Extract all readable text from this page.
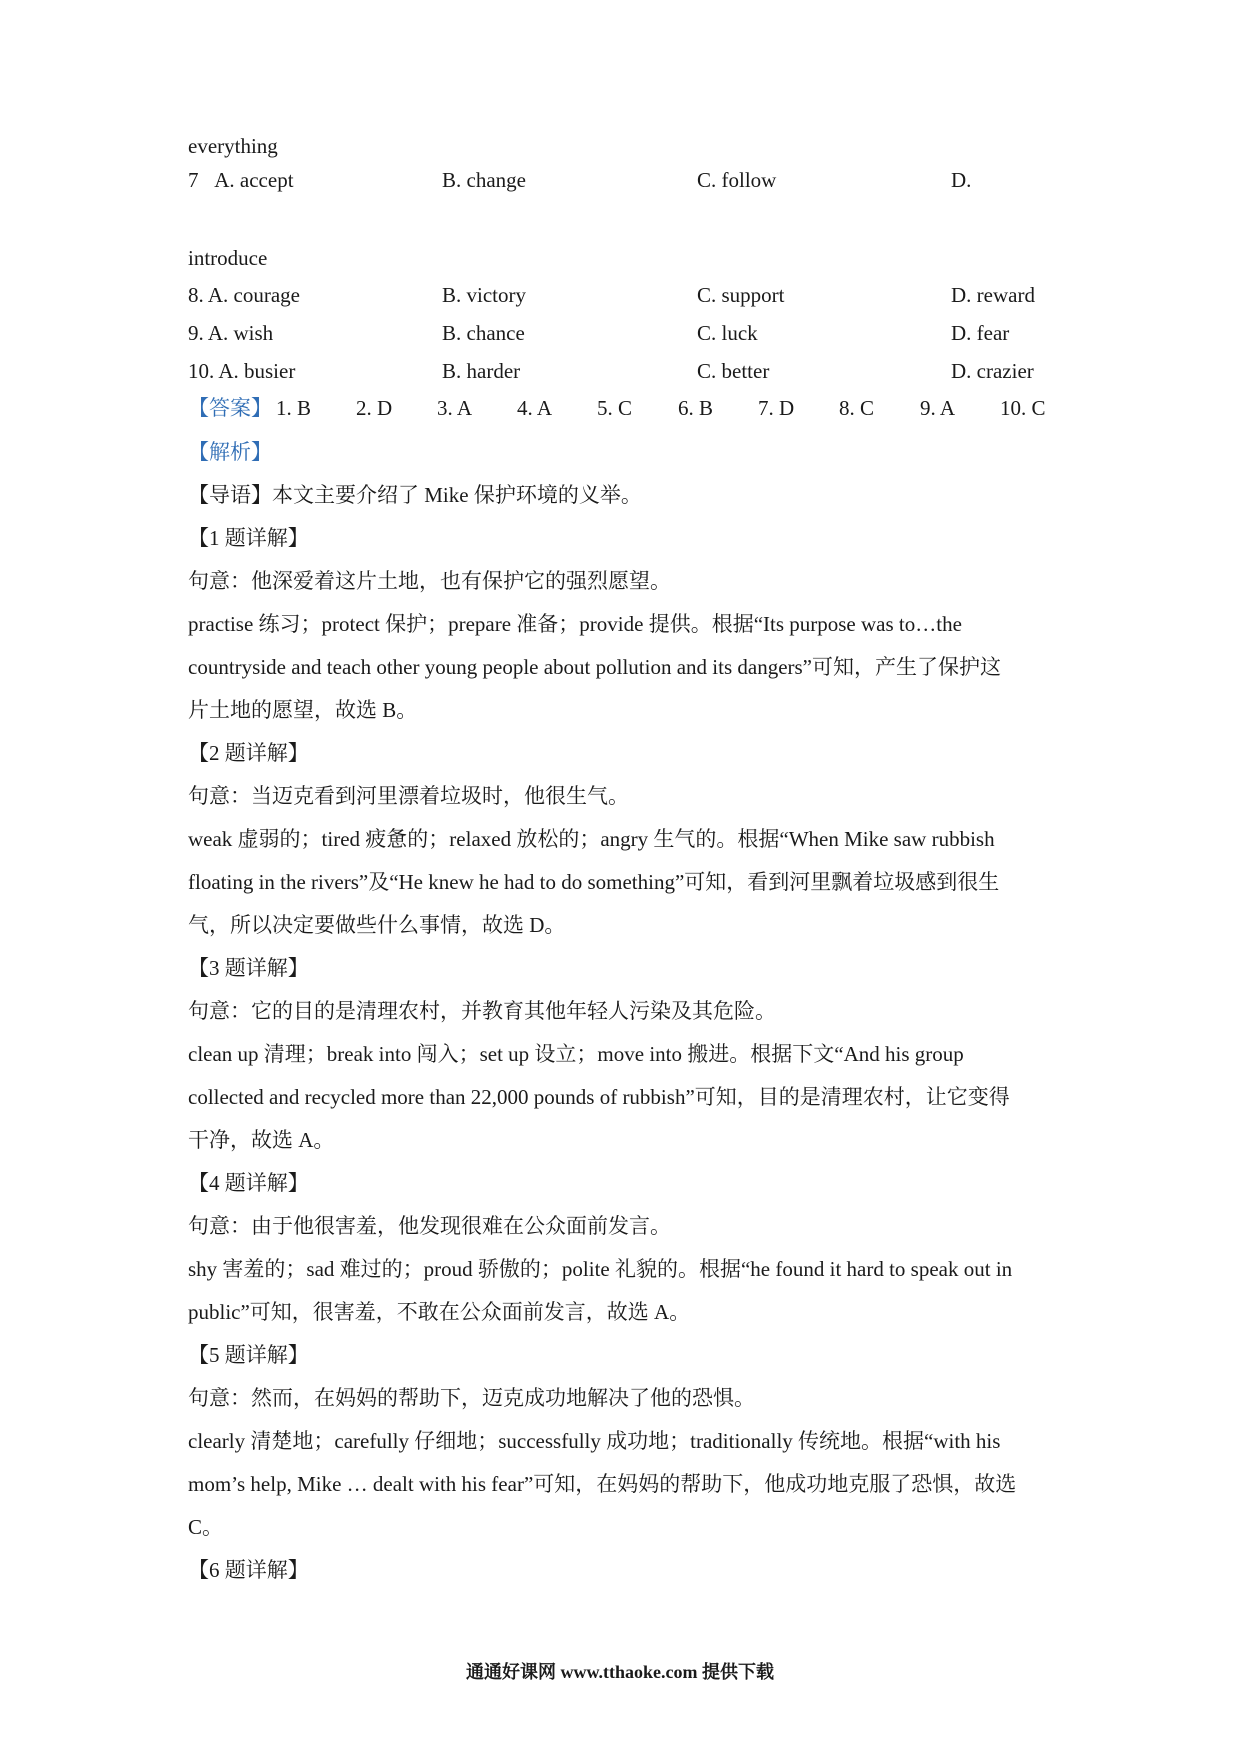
everything
7 A. accept	B. change	C. follow	D.
introduce
8. A. courage	B. victory	C. support	D. reward
9. A. wish	B. chance	C. luck	D. fear
10. A. busier	B. harder	C. better	D. crazier
【答案】 1. B 2. D 3. A 4. A 5. C 6. B 7. D 8. C 9. A 10. C
【解析】
【导语】本文主要介绍了 Mike 保护环境的义举。
【1 题详解】
句意：他深爱着这片土地，也有保护它的强烈愿望。
practise 练习；protect 保护；prepare 准备；provide 提供。根据“Its purpose was to…the
countryside and teach other young people about pollution and its dangers”可知，产生了保护这
片土地的愿望，故选 B。
【2 题详解】
句意：当迈克看到河里漂着垃圾时，他很生气。
weak 虚弱的；tired 疲惫的；relaxed 放松的；angry 生气的。根据“When Mike saw rubbish
floating in the rivers”及“He knew he had to do something”可知，看到河里飘着垃圾感到很生
气，所以决定要做些什么事情，故选 D。
【3 题详解】
句意：它的目的是清理农村，并教育其他年轻人污染及其危险。
clean up 清理；break into 闯入；set up 设立；move into 搬进。根据下文“And his group
collected and recycled more than 22,000 pounds of rubbish”可知，目的是清理农村，让它变得
干净，故选 A。
【4 题详解】
句意：由于他很害羞，他发现很难在公众面前发言。
shy 害羞的；sad 难过的；proud 骄傲的；polite 礼貌的。根据“he found it hard to speak out in
public”可知，很害羞，不敢在公众面前发言，故选 A。
【5 题详解】
句意：然而，在妈妈的帮助下，迈克成功地解决了他的恐惧。
clearly 清楚地；carefully 仔细地；successfully 成功地；traditionally 传统地。根据“with his
mom’s help, Mike … dealt with his fear”可知，在妈妈的帮助下，他成功地克服了恐惧，故选
C。
【6 题详解】
通通好课网 www.tthaoke.com 提供下载
